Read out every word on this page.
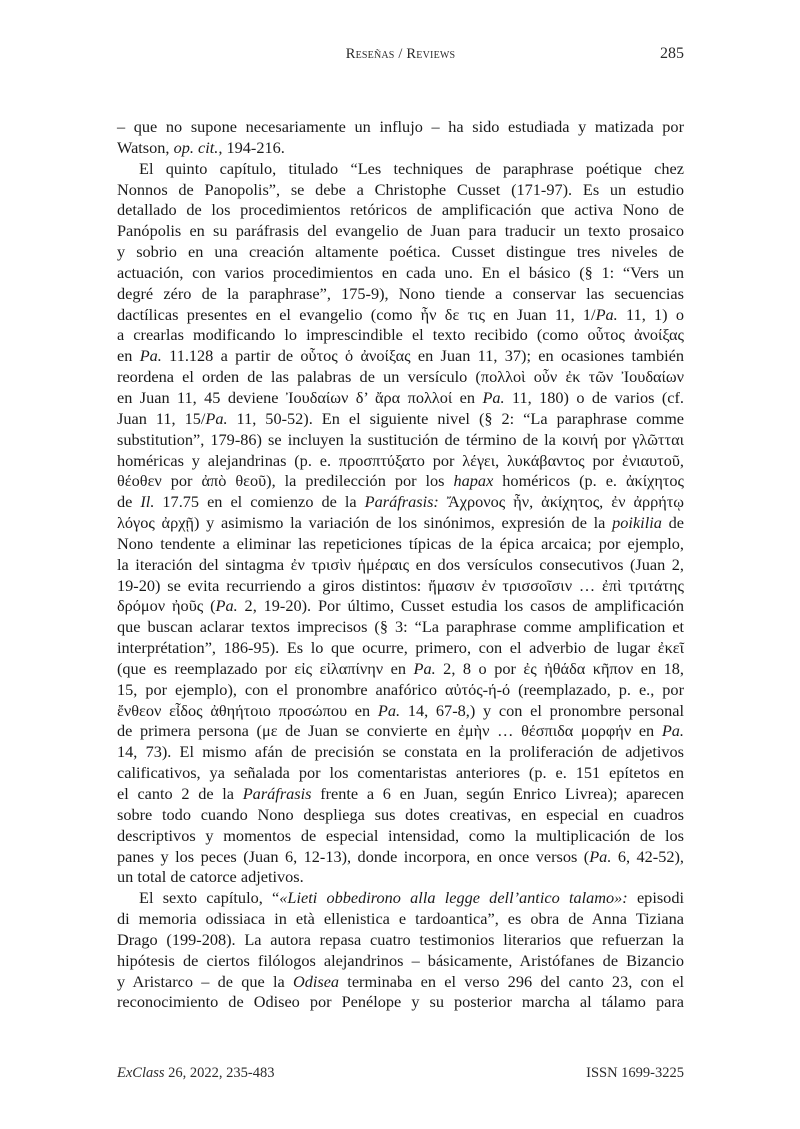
Reseñas / Reviews	285
– que no supone necesariamente un influjo – ha sido estudiada y matizada por
Watson, op. cit., 194-216.
El quinto capítulo, titulado “Les techniques de paraphrase poétique chez
Nonnos de Panopolis”, se debe a Christophe Cusset (171-97). Es un estudio
detallado de los procedimientos retóricos de amplificación que activa Nono de
Panópolis en su paráfrasis del evangelio de Juan para traducir un texto prosaico
y sobrio en una creación altamente poética. Cusset distingue tres niveles de
actuación, con varios procedimientos en cada uno. En el básico (§ 1: “Vers un
degré zéro de la paraphrase”, 175-9), Nono tiende a conservar las secuencias
dactílicas presentes en el evangelio (como ἦν δε τις en Juan 11, 1/Pa. 11, 1) o
a crearlas modificando lo imprescindible el texto recibido (como οὗτος ἀνοίξας
en Pa. 11.128 a partir de οὗτος ὁ ἀνοίξας en Juan 11, 37); en ocasiones también
reordena el orden de las palabras de un versículo (πολλοὶ οὖν ἐκ τῶν Ἰουδαίων
en Juan 11, 45 deviene Ἰουδαίων δ’ ἄρα πολλοί en Pa. 11, 180) o de varios (cf.
Juan 11, 15/Pa. 11, 50-52). En el siguiente nivel (§ 2: “La paraphrase comme
substitution”, 179-86) se incluyen la sustitución de término de la κοινή por γλῶτται
homéricas y alejandrinas (p. e. προσπτύξατο por λέγει, λυκάβαντος por ἐνιαυτοῦ,
θέοθεν por ἀπὸ θεοῦ), la predilección por los hapax homéricos (p. e. ἀκίχητος
de Il. 17.75 en el comienzo de la Paráfrasis: Ἄχρονος ἦν, ἀκίχητος, ἐν ἀρρήτῳ
λόγος ἀρχῇ) y asimismo la variación de los sinónimos, expresión de la poikilia de
Nono tendente a eliminar las repeticiones típicas de la épica arcaica; por ejemplo,
la iteración del sintagma ἐν τρισὶν ἡμέραις en dos versículos consecutivos (Juan 2,
19-20) se evita recurriendo a giros distintos: ἤμασιν ἐν τρισσοῖσιν … ἐπὶ τριτάτης
δρόμον ἠοῦς (Pa. 2, 19-20). Por último, Cusset estudia los casos de amplificación
que buscan aclarar textos imprecisos (§ 3: “La paraphrase comme amplification et
interprétation”, 186-95). Es lo que ocurre, primero, con el adverbio de lugar ἐκεῖ
(que es reemplazado por εἰς εἰλαπίνην en Pa. 2, 8 o por ἐς ἠθάδα κῆπον en 18,
15, por ejemplo), con el pronombre anafórico αὐτός-ή-ό (reemplazado, p. e., por
ἔνθεον εἶδος ἀθηήτοιο προσώπου en Pa. 14, 67-8,) y con el pronombre personal
de primera persona (με de Juan se convierte en ἐμὴν … θέσπιδα μορφήν en Pa.
14, 73). El mismo afán de precisión se constata en la proliferación de adjetivos
calificativos, ya señalada por los comentaristas anteriores (p. e. 151 epítetos en
el canto 2 de la Paráfrasis frente a 6 en Juan, según Enrico Livrea); aparecen
sobre todo cuando Nono despliega sus dotes creativas, en especial en cuadros
descriptivos y momentos de especial intensidad, como la multiplicación de los
panes y los peces (Juan 6, 12-13), donde incorpora, en once versos (Pa. 6, 42-52),
un total de catorce adjetivos.
El sexto capítulo, “«Lieti obbedirono alla legge dell’antico talamo»: episodi
di memoria odissiaca in età ellenistica e tardoantica”, es obra de Anna Tiziana
Drago (199-208). La autora repasa cuatro testimonios literarios que refuerzan la
hipótesis de ciertos filólogos alejandrinos – básicamente, Aristófanes de Bizancio
y Aristarco – de que la Odisea terminaba en el verso 296 del canto 23, con el
reconocimiento de Odiseo por Penélope y su posterior marcha al tálamo para
ExClass 26, 2022, 235-483	ISSN 1699-3225
